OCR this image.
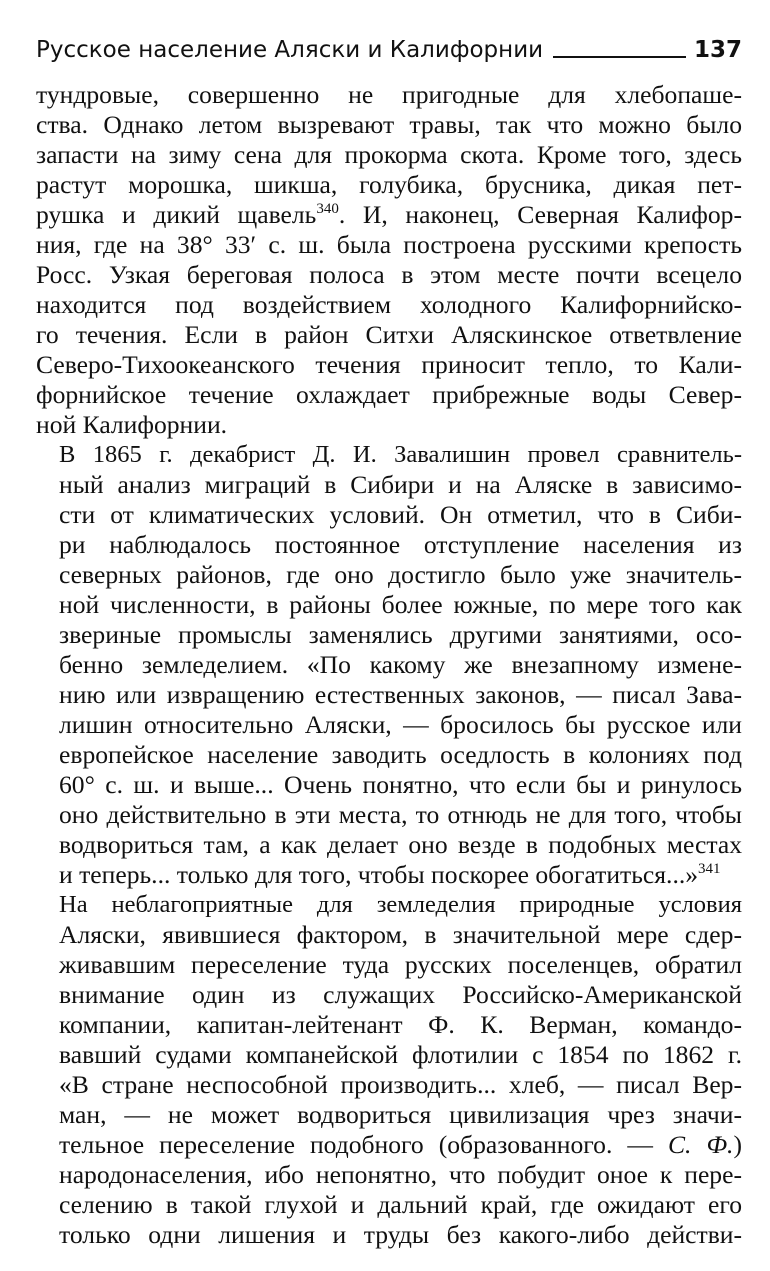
Русское население Аляски и Калифорнии	137

тундровые, совершенно не пригодные для хлебопаше-
ства. Однако летом вызревают травы, так что можно было
запасти на зиму сена для прокорма скота. Кроме того, здесь
растут морошка, шикша, голубика, брусника, дикая пет-
рушка и дикий щавель$^{340}$. И, наконец, Северная Калифор-
ния, где на 38° 33′ с. ш. была построена русскими крепость
Росс. Узкая береговая полоса в этом месте почти всецело
находится под воздействием холодного Калифорнийско-
го течения. Если в район Ситхи Аляскинское ответвление
Северо-Тихоокеанского течения приносит тепло, то Кали-
форнийское течение охлаждает прибрежные воды Север-
ной Калифорнии.

В 1865 г. декабрист Д. И. Завалишин провел сравнитель-
ный анализ миграций в Сибири и на Аляске в зависимо-
сти от климатических условий. Он отметил, что в Сиби-
ри наблюдалось постоянное отступление населения из
северных районов, где оно достигло было уже значитель-
ной численности, в районы более южные, по мере того как
звериные промыслы заменялись другими занятиями, осо-
бенно земледелием. «По какому же внезапному измене-
нию или извращению естественных законов, — писал Зава-
лишин относительно Аляски, — бросилось бы русское или
европейское население заводить оседлость в колониях под
60° с. ш. и выше... Очень понятно, что если бы и ринулось
оно действительно в эти места, то отнюдь не для того, чтобы
водвориться там, а как делает оно везде в подобных местах
и теперь... только для того, чтобы поскорее обогатиться...»$^{341}$

На неблагоприятные для земледелия природные условия
Аляски, явившиеся фактором, в значительной мере сдер-
живавшим переселение туда русских поселенцев, обратил
внимание один из служащих Российско-Американской
компании, капитан-лейтенант Ф. К. Верман, командо-
вавший судами компанейской флотилии с 1854 по 1862 г.
«В стране неспособной производить... хлеб, — писал Вер-
ман, — не может водвориться цивилизация чрез значи-
тельное переселение подобного (образованного. — С. Ф.)
народонаселения, ибо непонятно, что побудит оное к пере-
селению в такой глухой и дальний край, где ожидают его
только одни лишения и труды без какого-либо действи-
